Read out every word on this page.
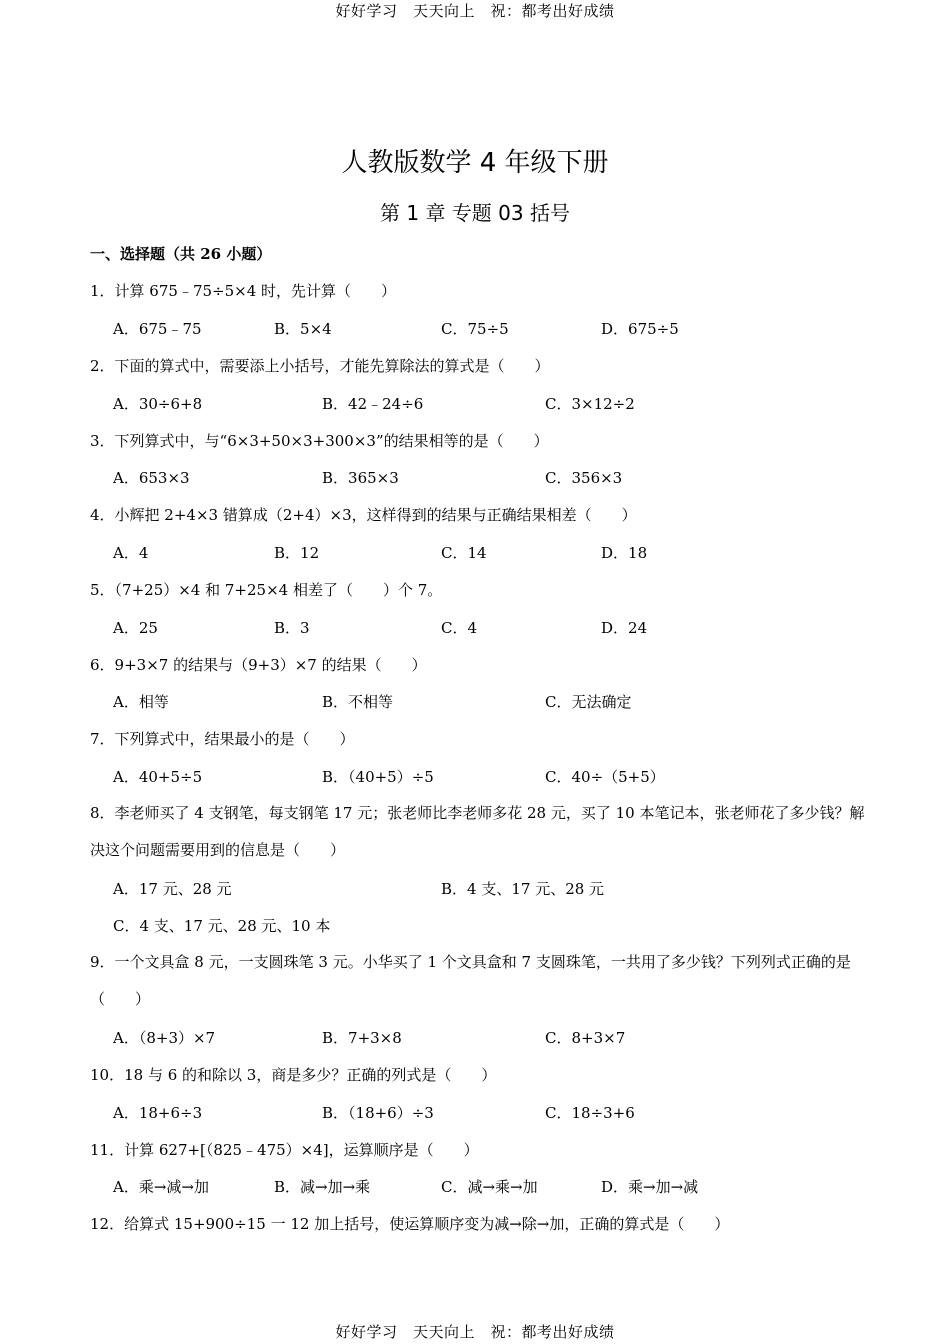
好好学习　天天向上　祝：都考出好成绩
人教版数学 4 年级下册
第 1 章 专题 03 括号
一、选择题（共 26 小题）
1．计算 675﹣75÷5×4 时，先计算（　　）
A．675﹣75	B．5×4	C．75÷5	D．675÷5
2．下面的算式中，需要添上小括号，才能先算除法的算式是（　　）
A．30÷6+8	B．42﹣24÷6	C．3×12÷2
3．下列算式中，与“6×3+50×3+300×3”的结果相等的是（　　）
A．653×3	B．365×3	C．356×3
4．小辉把 2+4×3 错算成（2+4）×3，这样得到的结果与正确结果相差（　　）
A．4	B．12	C．14	D．18
5．（7+25）×4 和 7+25×4 相差了（　　）个 7。
A．25	B．3	C．4	D．24
6．9+3×7 的结果与（9+3）×7 的结果（　　）
A．相等	B．不相等	C．无法确定
7．下列算式中，结果最小的是（　　）
A．40+5÷5	B．（40+5）÷5	C．40÷（5+5）
8．李老师买了 4 支钢笔，每支钢笔 17 元；张老师比李老师多花 28 元，买了 10 本笔记本，张老师花了多少钱？解决这个问题需要用到的信息是（　　）
A．17 元、28 元	B．4 支、17 元、28 元
C．4 支、17 元、28 元、10 本
9．一个文具盒 8 元，一支圆珠笔 3 元。小华买了 1 个文具盒和 7 支圆珠笔，一共用了多少钱？下列列式正确的是（　　）
A．（8+3）×7	B．7+3×8	C．8+3×7
10．18 与 6 的和除以 3，商是多少？正确的列式是（　　）
A．18+6÷3	B．（18+6）÷3	C．18÷3+6
11．计算 627+[（825﹣475）×4]，运算顺序是（　　）
A．乘→减→加	B．减→加→乘	C．减→乘→加	D．乘→加→减
12．给算式 15+900÷15 一 12 加上括号，使运算顺序变为减→除→加，正确的算式是（　　）
好好学习　天天向上　祝：都考出好成绩
